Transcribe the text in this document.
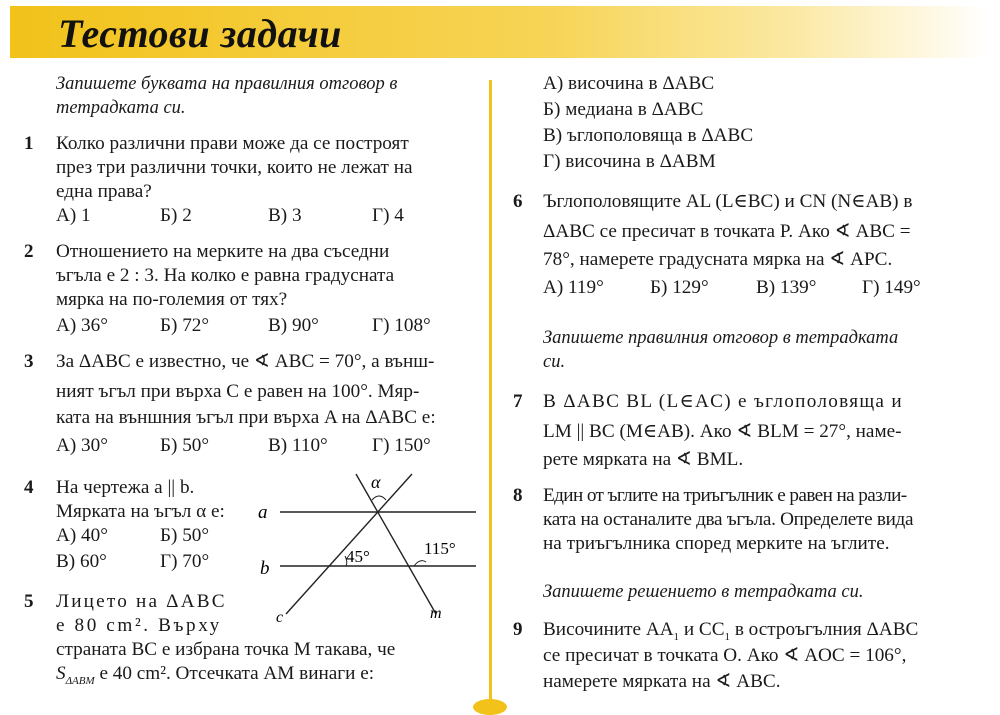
Тестови задачи
Запишете буквата на правилния отговор в
тетрадката си.
1 Колко различни прави може да се построят
през три различни точки, които не лежат на
една права?
А) 1	Б) 2	В) 3	Г) 4
2 Отношението на мерките на два съседни
ъгъла е 2 : 3. На колко е равна градусната
мярка на по-големия от тях?
А) 36°	Б) 72°	В) 90°	Г) 108°
3 За ΔABC е известно, че ∢ ABC = 70°, а външ-
ният ъгъл при върха C е равен на 100°. Мяр-
ката на външния ъгъл при върха A на ΔABC е:
А) 30°	Б) 50°	В) 110° Г) 150°
4 На чертежа a || b.
Мярката на ъгъл α е:
А) 40°	Б) 50°
В) 60°	Г) 70°
5 Лицето на ΔABC
е 80 cm². Върху
страната BC е избрана точка M такава, че
$S_{\Delta ABM}$ е 40 cm². Отсечката AM винаги е:
α
a
b
c	m
45°	115°
А) височина в ΔABC
Б) медиана в ΔABC
В) ъглополовяща в ΔABC
Г) височина в ΔABM
6 Ъглополовящите AL (L∈BC) и CN (N∈AB) в
ΔABC се пресичат в точката P. Ако ∢ ABC =
78°, намерете градусната мярка на ∢ APC.
А) 119° Б) 129° В) 139° Г) 149°
Запишете правилния отговор в тетрадката
си.
7 В ΔABC BL (L∈AC) е ъглополовяща и
LM || BC (M∈AB). Ако ∢ BLM = 27°, наме-
рете мярката на ∢ BML.
8 Един от ъглите на триъгълник е равен на разли-
ката на останалите два ъгъла. Определете вида
на триъгълника според мерките на ъглите.
Запишете решението в тетрадката си.
9 Височините $AA_1$ и $CC_1$ в остроъгълния ΔABC
се пресичат в точката O. Ако ∢ AOC = 106°,
намерете мярката на ∢ ABC.
